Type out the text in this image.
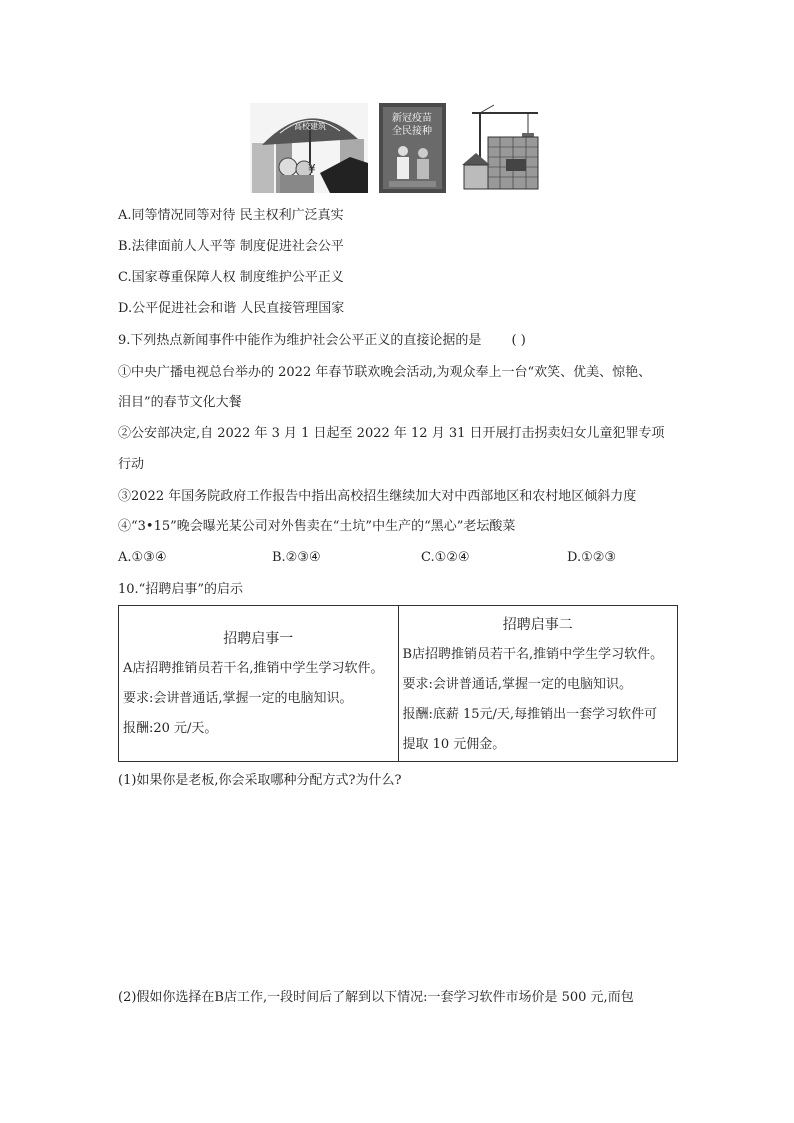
¥
高校建筑
新冠疫苗
全民接种
A.同等情况同等对待 民主权利广泛真实
B.法律面前人人平等 制度促进社会公平
C.国家尊重保障人权 制度维护公平正义
D.公平促进社会和谐 人民直接管理国家
9.下列热点新闻事件中能作为维护社会公平正义的直接论据的是 ( )
①中央广播电视总台举办的 2022 年春节联欢晚会活动,为观众奉上一台“欢笑、优美、惊艳、
泪目”的春节文化大餐
②公安部决定,自 2022 年 3 月 1 日起至 2022 年 12 月 31 日开展打击拐卖妇女儿童犯罪专项
行动
③2022 年国务院政府工作报告中指出高校招生继续加大对中西部地区和农村地区倾斜力度
④“3•15”晚会曝光某公司对外售卖在“土坑”中生产的“黑心”老坛酸菜
A.①③④	B.②③④	C.①②④	D.①②③
10.“招聘启事”的启示
招聘启事一
A店招聘推销员若干名,推销中学生学习软件。
要求:会讲普通话,掌握一定的电脑知识。
报酬:20 元/天。

招聘启事二
B店招聘推销员若干名,推销中学生学习软件。
要求:会讲普通话,掌握一定的电脑知识。
报酬:底薪 15元/天,每推销出一套学习软件可
提取 10 元佣金。
(1)如果你是老板,你会采取哪种分配方式?为什么?
(2)假如你选择在B店工作,一段时间后了解到以下情况:一套学习软件市场价是 500 元,而包
